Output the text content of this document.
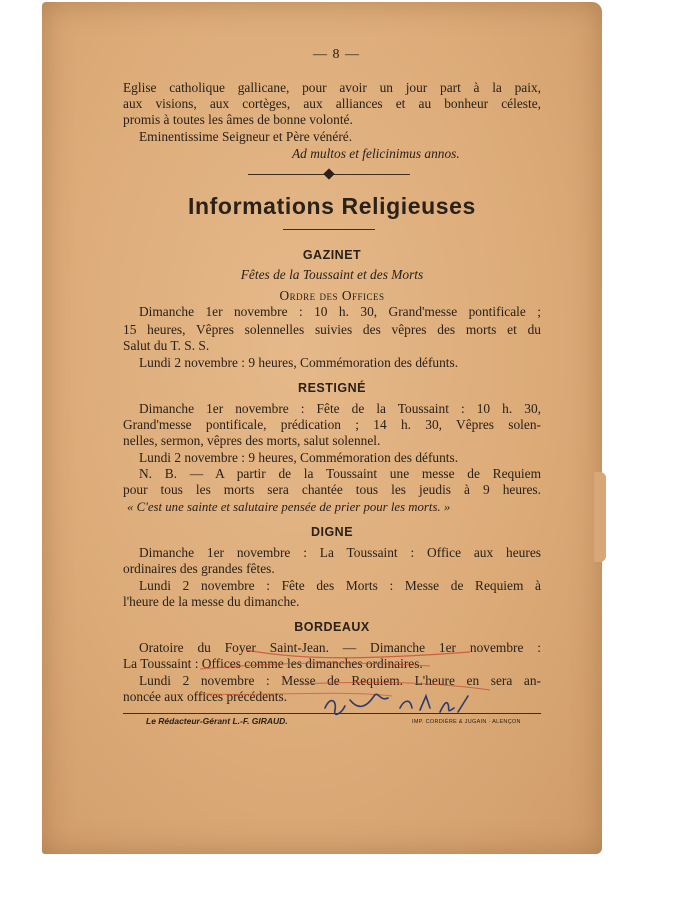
— 8 —
Eglise catholique gallicane, pour avoir un jour part à la paix,
aux visions, aux cortèges, aux alliances et au bonheur céleste,
promis à toutes les âmes de bonne volonté.
Eminentissime Seigneur et Père vénéré.
Ad multos et felicinimus annos.
Informations Religieuses
GAZINET
Fêtes de la Toussaint et des Morts
Ordre des Offices
Dimanche 1er novembre : 10 h. 30, Grand'messe pontificale ;
15 heures, Vêpres solennelles suivies des vêpres des morts et du
Salut du T. S. S.
Lundi 2 novembre : 9 heures, Commémoration des défunts.
RESTIGNÉ
Dimanche 1er novembre : Fête de la Toussaint : 10 h. 30,
Grand'messe pontificale, prédication ; 14 h. 30, Vêpres solen-
nelles, sermon, vêpres des morts, salut solennel.
Lundi 2 novembre : 9 heures, Commémoration des défunts.
N. B. — A partir de la Toussaint une messe de Requiem
pour tous les morts sera chantée tous les jeudis à 9 heures.
« C'est une sainte et salutaire pensée de prier pour les morts. »
DIGNE
Dimanche 1er novembre : La Toussaint : Office aux heures
ordinaires des grandes fêtes.
Lundi 2 novembre : Fête des Morts : Messe de Requiem à
l'heure de la messe du dimanche.
BORDEAUX
Oratoire du Foyer Saint-Jean. — Dimanche 1er novembre :
La Toussaint : Offices comme les dimanches ordinaires.
Lundi 2 novembre : Messe de Requiem. L'heure en sera an-
noncée aux offices précédents.
Le Rédacteur-Gérant L.-F. GIRAUD.	IMP. CORDIÈRE & JUGAIN · ALENÇON
